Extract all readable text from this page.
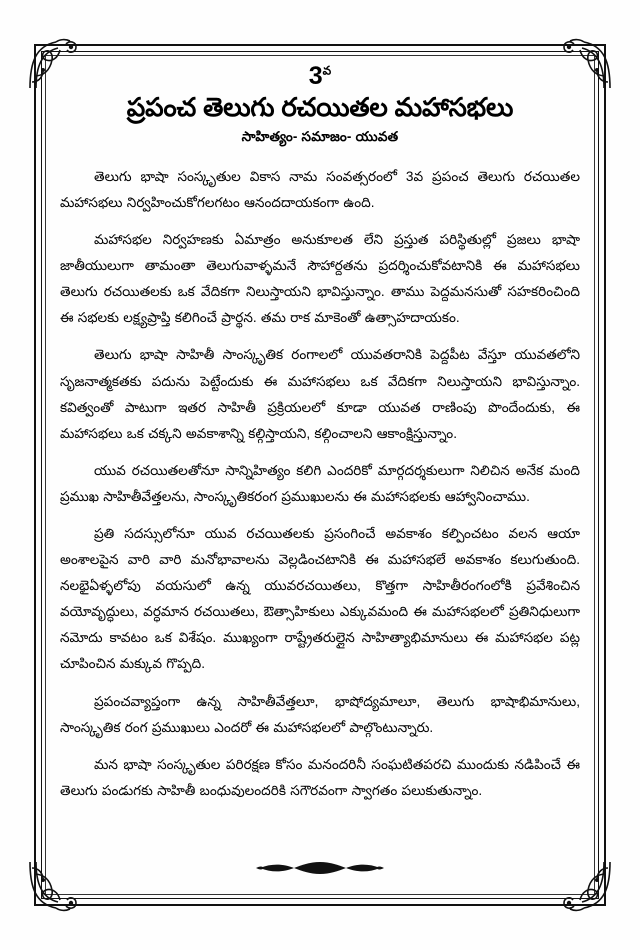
$3^వ$
ప్రపంచ తెలుగు రచయితల మహాసభలు
సాహిత్యం- సమాజం- యువత

తెలుగు భాషా సంస్కృతుల వికాస నామ సంవత్సరంలో 3వ ప్రపంచ తెలుగు రచయితల మహాసభలు నిర్వహించుకోగలగటం ఆనందదాయకంగా ఉంది.

మహాసభల నిర్వహణకు ఏమాత్రం అనుకూలత లేని ప్రస్తుత పరిస్థితుల్లో ప్రజలు భాషా జాతీయులుగా తామంతా తెలుగువాళ్ళమనే సౌహార్దతను ప్రదర్శించుకోవటానికి ఈ మహాసభలు తెలుగు రచయితలకు ఒక వేదికగా నిలుస్తాయని భావిస్తున్నాం. తాము పెద్దమనసుతో సహకరించింది ఈ సభలకు లక్ష్యప్రాప్తి కలిగించే ప్రార్థన. తమ రాక మాకెంతో ఉత్సాహదాయకం.

తెలుగు భాషా సాహితీ సాంస్కృతిక రంగాలలో యువతరానికి పెద్దపీట వేస్తూ యువతలోని సృజనాత్మకతకు పదును పెట్టేందుకు ఈ మహాసభలు ఒక వేదికగా నిలుస్తాయని భావిస్తున్నాం. కవిత్వంతో పాటుగా ఇతర సాహితీ ప్రక్రియలలో కూడా యువత రాణింపు పొందేందుకు, ఈ మహాసభలు ఒక చక్కని అవకాశాన్ని కల్గిస్తాయని, కల్గించాలని ఆకాంక్షిస్తున్నాం.

యువ రచయితలతోనూ సాన్నిహిత్యం కలిగి ఎందరికో మార్గదర్శకులుగా నిలిచిన అనేక మంది ప్రముఖ సాహితీవేత్తలను, సాంస్కృతికరంగ ప్రముఖులను ఈ మహాసభలకు ఆహ్వానించాము.

ప్రతి సదస్సులోనూ యువ రచయితలకు ప్రసంగించే అవకాశం కల్పించటం వలన ఆయా అంశాలపైన వారి వారి మనోభావాలను వెల్లడించటానికి ఈ మహాసభలే అవకాశం కలుగుతుంది. నలభైఏళ్ళలోపు వయసులో ఉన్న యువరచయితలు, కొత్తగా సాహితీరంగంలోకి ప్రవేశించిన వయోవృద్ధులు, వర్ధమాన రచయితలు, ఔత్సాహికులు ఎక్కువమంది ఈ మహాసభలలో ప్రతినిధులుగా నమోదు కావటం ఒక విశేషం. ముఖ్యంగా రాష్ట్రేతరుల్లైన సాహిత్యాభిమానులు ఈ మహాసభల పట్ల చూపించిన మక్కువ గొప్పది.

ప్రపంచవ్యాప్తంగా ఉన్న సాహితీవేత్తలూ, భాషోద్యమాలూ, తెలుగు భాషాభిమానులు, సాంస్కృతిక రంగ ప్రముఖులు ఎందరో ఈ మహాసభలలో పాల్గొంటున్నారు.

మన భాషా సంస్కృతుల పరిరక్షణ కోసం మనందరినీ సంఘటితపరచి ముందుకు నడిపించే ఈ తెలుగు పండుగకు సాహితీ బంధువులందరికి సగౌరవంగా స్వాగతం పలుకుతున్నాం.
